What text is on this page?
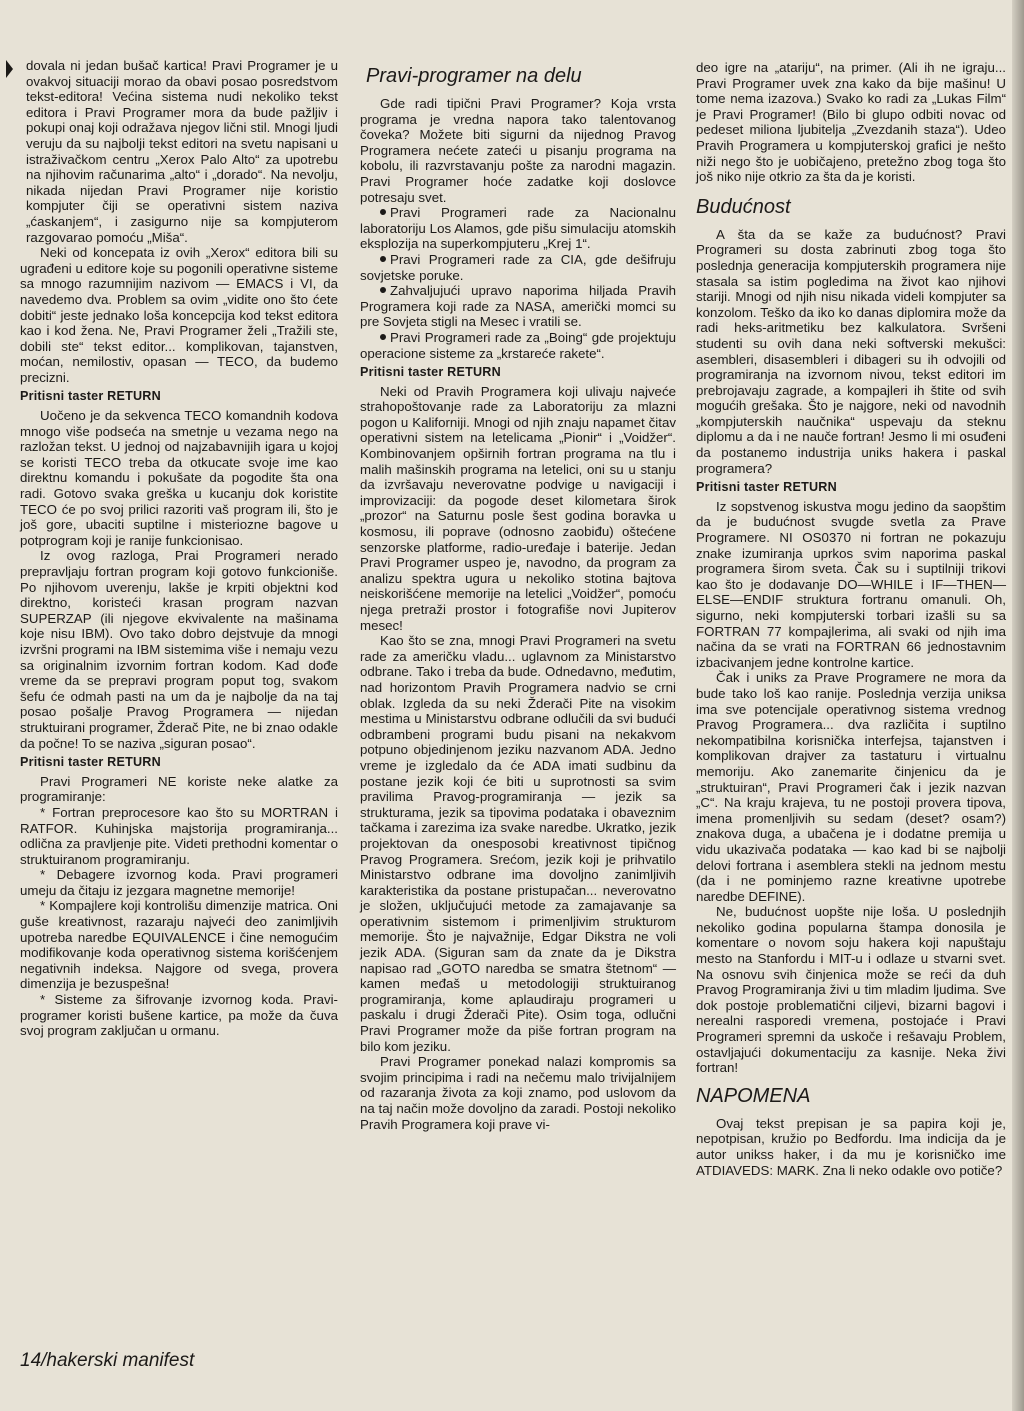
dovala ni jedan bušač kartica! Pravi Programer je u ovakvoj situaciji morao da obavi posao posredstvom tekst-editora! Većina sistema nudi nekoliko tekst editora i Pravi Programer mora da bude pažljiv i pokupi onaj koji odražava njegov lični stil. Mnogi ljudi veruju da su najbolji tekst editori na svetu napisani u istraživačkom centru „Xerox Palo Alto“ za upotrebu na njihovim računarima „alto“ i „dorado“. Na nevolju, nikada nijedan Pravi Programer nije koristio kompjuter čiji se operativni sistem naziva „ćaskanjem“, i zasigurno nije sa kompjuterom razgovarao pomoću „Miša“.

Neki od koncepata iz ovih „Xerox“ editora bili su ugrađeni u editore koje su pogonili operativne sisteme sa mnogo razumnijim nazivom — EMACS i VI, da navedemo dva. Problem sa ovim „vidite ono što ćete dobiti“ jeste jednako loša koncepcija kod tekst editora kao i kod žena. Ne, Pravi Programer želi „Tražili ste, dobili ste“ tekst editor... komplikovan, tajanstven, moćan, nemilostiv, opasan — TECO, da budemo precizni.

Pritisni taster RETURN

Uočeno je da sekvenca TECO komandnih kodova mnogo više podseća na smetnje u vezama nego na razložan tekst. U jednoj od najzabavnijih igara u kojoj se koristi TECO treba da otkucate svoje ime kao direktnu komandu i pokušate da pogodite šta ona radi. Gotovo svaka greška u kucanju dok koristite TECO će po svoj prilici razoriti vaš program ili, što je još gore, ubaciti suptilne i misteriozne bagove u potprogram koji je ranije funkcionisao.

Iz ovog razloga, Prai Programeri nerado prepravljaju fortran program koji gotovo funkcioniše. Po njihovom uverenju, lakše je krpiti objektni kod direktno, koristeći krasan program nazvan SUPERZAP (ili njegove ekvivalente na mašinama koje nisu IBM). Ovo tako dobro dejstvuje da mnogi izvršni programi na IBM sistemima više i nemaju vezu sa originalnim izvornim fortran kodom. Kad dođe vreme da se prepravi program poput tog, svakom šefu će odmah pasti na um da je najbolje da na taj posao pošalje Pravog Programera — nijedan struktuirani programer, Žderač Pite, ne bi znao odakle da počne! To se naziva „siguran posao“.

Pritisni taster RETURN

Pravi Programeri NE koriste neke alatke za programiranje:

* Fortran preprocesore kao što su MORTRAN i RATFOR. Kuhinjska majstorija programiranja... odlična za pravljenje pite. Videti prethodni komentar o struktuiranom programiranju.

* Debagere izvornog koda. Pravi programeri umeju da čitaju iz jezgara magnetne memorije!

* Kompajlere koji kontrolišu dimenzije matrica. Oni guše kreativnost, razaraju najveći deo zanimljivih upotreba naredbe EQUIVALENCE i čine nemogućim modifikovanje koda operativnog sistema korišćenjem negativnih indeksa. Najgore od svega, provera dimenzija je bezuspešna!

* Sisteme za šifrovanje izvornog koda. Pravi-programer koristi bušene kartice, pa može da čuva svoj program zaključan u ormanu.

Pravi-programer na delu

Gde radi tipični Pravi Programer? Koja vrsta programa je vredna napora tako talentovanog čoveka? Možete biti sigurni da nijednog Pravog Programera nećete zateći u pisanju programa na kobolu, ili razvrstavanju pošte za narodni magazin. Pravi Programer hoće zadatke koji doslovce potresaju svet.

Pravi Programeri rade za Nacionalnu laboratoriju Los Alamos, gde pišu simulaciju atomskih eksplozija na superkompjuteru „Krej 1“.

Pravi Programeri rade za CIA, gde dešifruju sovjetske poruke.

Zahvaljujući upravo naporima hiljada Pravih Programera koji rade za NASA, američki momci su pre Sovjeta stigli na Mesec i vratili se.

Pravi Programeri rade za „Boing“ gde projektuju operacione sisteme za „krstareće rakete“.

Pritisni taster RETURN

Neki od Pravih Programera koji ulivaju najveće strahopoštovanje rade za Laboratoriju za mlazni pogon u Kaliforniji. Mnogi od njih znaju napamet čitav operativni sistem na letelicama „Pionir“ i „Voidžer“. Kombinovanjem opširnih fortran programa na tlu i malih mašinskih programa na letelici, oni su u stanju da izvršavaju neverovatne podvige u navigaciji i improvizaciji: da pogode deset kilometara širok „prozor“ na Saturnu posle šest godina boravka u kosmosu, ili poprave (odnosno zaobiđu) oštećene senzorske platforme, radio-uređaje i baterije. Jedan Pravi Programer uspeo je, navodno, da program za analizu spektra ugura u nekoliko stotina bajtova neiskorišćene memorije na letelici „Voidžer“, pomoću njega pretraži prostor i fotografiše novi Jupiterov mesec!

Kao što se zna, mnogi Pravi Programeri na svetu rade za američku vladu... uglavnom za Ministarstvo odbrane. Tako i treba da bude. Odnedavno, međutim, nad horizontom Pravih Programera nadvio se crni oblak. Izgleda da su neki Žderači Pite na visokim mestima u Ministarstvu odbrane odlučili da svi budući odbrambeni programi budu pisani na nekakvom potpuno objedinjenom jeziku nazvanom ADA. Jedno vreme je izgledalo da će ADA imati sudbinu da postane jezik koji će biti u suprotnosti sa svim pravilima Pravog-programiranja — jezik sa strukturama, jezik sa tipovima podataka i obaveznim tačkama i zarezima iza svake naredbe. Ukratko, jezik projektovan da onesposobi kreativnost tipičnog Pravog Programera. Srećom, jezik koji je prihvatilo Ministarstvo odbrane ima dovoljno zanimljivih karakteristika da postane pristupačan... neverovatno je složen, uključujući metode za zamajavanje sa operativnim sistemom i primenljivim strukturom memorije. Što je najvažnije, Edgar Dikstra ne voli jezik ADA. (Siguran sam da znate da je Dikstra napisao rad „GOTO naredba se smatra štetnom“ — kamen međaš u metodologiji struktuiranog programiranja, kome aplaudiraju programeri u paskalu i drugi Žderači Pite). Osim toga, odlučni Pravi Programer može da piše fortran program na bilo kom jeziku.

Pravi Programer ponekad nalazi kompromis sa svojim principima i radi na nečemu malo trivijalnijem od razaranja života za koji znamo, pod uslovom da na taj način može dovoljno da zaradi. Postoji nekoliko Pravih Programera koji prave vi-

deo igre na „atariju“, na primer. (Ali ih ne igraju... Pravi Programer uvek zna kako da bije mašinu! U tome nema izazova.) Svako ko radi za „Lukas Film“ je Pravi Programer! (Bilo bi glupo odbiti novac od pedeset miliona ljubitelja „Zvezdanih staza“). Udeo Pravih Programera u kompjuterskoj grafici je nešto niži nego što je uobičajeno, pretežno zbog toga što još niko nije otkrio za šta da je koristi.

Budućnost

A šta da se kaže za budućnost? Pravi Programeri su dosta zabrinuti zbog toga što poslednja generacija kompjuterskih programera nije stasala sa istim pogledima na život kao njihovi stariji. Mnogi od njih nisu nikada videli kompjuter sa konzolom. Teško da iko ko danas diplomira može da radi heks-aritmetiku bez kalkulatora. Svršeni studenti su ovih dana neki softverski mekušci: asembleri, disasembleri i dibageri su ih odvojili od programiranja na izvornom nivou, tekst editori im prebrojavaju zagrade, a kompajleri ih štite od svih mogućih grešaka. Što je najgore, neki od navodnih „kompjuterskih naučnika“ uspevaju da steknu diplomu a da i ne nauče fortran! Jesmo li mi osuđeni da postanemo industrija uniks hakera i paskal programera?

Pritisni taster RETURN

Iz sopstvenog iskustva mogu jedino da saopštim da je budućnost svugde svetla za Prave Programere. NI OS0370 ni fortran ne pokazuju znake izumiranja uprkos svim naporima paskal programera širom sveta. Čak su i suptilniji trikovi kao što je dodavanje DO—WHILE i IF—THEN—ELSE—ENDIF struktura fortranu omanuli. Oh, sigurno, neki kompjuterski torbari izašli su sa FORTRAN 77 kompajlerima, ali svaki od njih ima načina da se vrati na FORTRAN 66 jednostavnim izbacivanjem jedne kontrolne kartice.

Čak i uniks za Prave Programere ne mora da bude tako loš kao ranije. Poslednja verzija uniksa ima sve potencijale operativnog sistema vrednog Pravog Programera... dva različita i suptilno nekompatibilna korisnička interfejsa, tajanstven i komplikovan drajver za tastaturu i virtualnu memoriju. Ako zanemarite činjenicu da je „struktuiran“, Pravi Programeri čak i jezik nazvan „C“. Na kraju krajeva, tu ne postoji provera tipova, imena promenljivih su sedam (deset? osam?) znakova duga, a ubačena je i dodatne premija u vidu ukazivača podataka — kao kad bi se najbolji delovi fortrana i asemblera stekli na jednom mestu (da i ne pominjemo razne kreativne upotrebe naredbe DEFINE).

Ne, budućnost uopšte nije loša. U poslednjih nekoliko godina popularna štampa donosila je komentare o novom soju hakera koji napuštaju mesto na Stanfordu i MIT-u i odlaze u stvarni svet. Na osnovu svih činjenica može se reći da duh Pravog Programiranja živi u tim mladim ljudima. Sve dok postoje problematični ciljevi, bizarni bagovi i nerealni rasporedi vremena, postojaće i Pravi Programeri spremni da uskoče i rešavaju Problem, ostavljajući dokumentaciju za kasnije. Neka živi fortran!

NAPOMENA

Ovaj tekst prepisan je sa papira koji je, nepotpisan, kružio po Bedfordu. Ima indicija da je autor unikss haker, i da mu je korisničko ime ATDIAVEDS: MARK. Zna li neko odakle ovo potiče?

14/hakerski manifest
